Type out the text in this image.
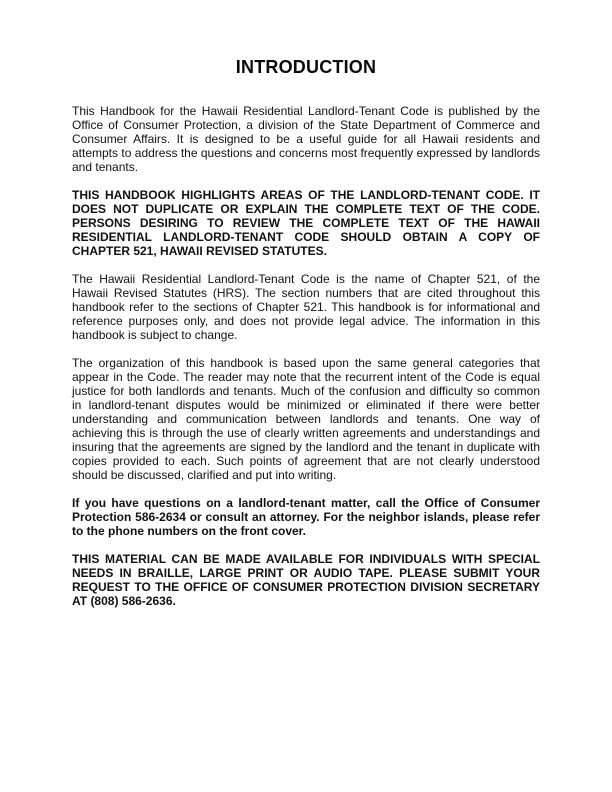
INTRODUCTION

This Handbook for the Hawaii Residential Landlord-Tenant Code is published by the Office of Consumer Protection, a division of the State Department of Commerce and Consumer Affairs. It is designed to be a useful guide for all Hawaii residents and attempts to address the questions and concerns most frequently expressed by landlords and tenants.

THIS HANDBOOK HIGHLIGHTS AREAS OF THE LANDLORD-TENANT CODE. IT DOES NOT DUPLICATE OR EXPLAIN THE COMPLETE TEXT OF THE CODE. PERSONS DESIRING TO REVIEW THE COMPLETE TEXT OF THE HAWAII RESIDENTIAL LANDLORD-TENANT CODE SHOULD OBTAIN A COPY OF CHAPTER 521, HAWAII REVISED STATUTES.

The Hawaii Residential Landlord-Tenant Code is the name of Chapter 521, of the Hawaii Revised Statutes (HRS). The section numbers that are cited throughout this handbook refer to the sections of Chapter 521. This handbook is for informational and reference purposes only, and does not provide legal advice. The information in this handbook is subject to change.

The organization of this handbook is based upon the same general categories that appear in the Code. The reader may note that the recurrent intent of the Code is equal justice for both landlords and tenants. Much of the confusion and difficulty so common in landlord-tenant disputes would be minimized or eliminated if there were better understanding and communication between landlords and tenants. One way of achieving this is through the use of clearly written agreements and understandings and insuring that the agreements are signed by the landlord and the tenant in duplicate with copies provided to each. Such points of agreement that are not clearly understood should be discussed, clarified and put into writing.

If you have questions on a landlord-tenant matter, call the Office of Consumer Protection 586-2634 or consult an attorney. For the neighbor islands, please refer to the phone numbers on the front cover.

THIS MATERIAL CAN BE MADE AVAILABLE FOR INDIVIDUALS WITH SPECIAL NEEDS IN BRAILLE, LARGE PRINT OR AUDIO TAPE. PLEASE SUBMIT YOUR REQUEST TO THE OFFICE OF CONSUMER PROTECTION DIVISION SECRETARY AT (808) 586-2636.
